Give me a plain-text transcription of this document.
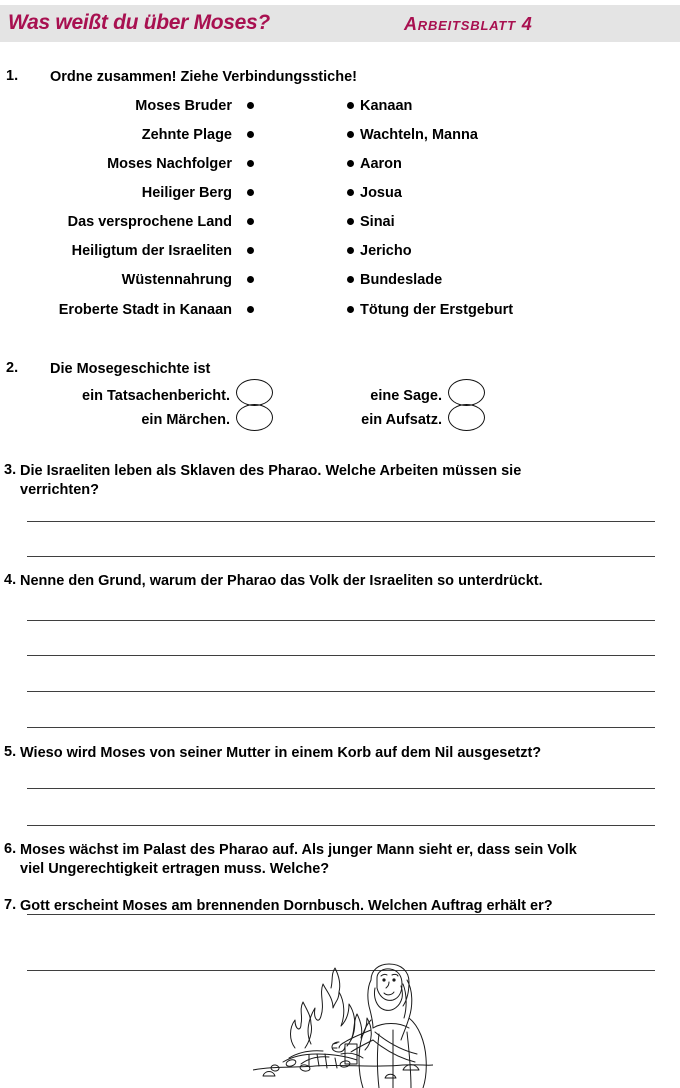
Was weißt du über Moses?	Arbeitsblatt 4
1. Ordne zusammen! Ziehe Verbindungsstiche!
Moses Bruder	Kanaan
Zehnte Plage	Wachteln, Manna
Moses Nachfolger	Aaron
Heiliger Berg	Josua
Das versprochene Land	Sinai
Heiligtum der Israeliten	Jericho
Wüstennahrung	Bundeslade
Eroberte Stadt in Kanaan	Tötung der Erstgeburt
2. Die Mosegeschichte ist
ein Tatsachenbericht.
ein Märchen.
eine Sage.
ein Aufsatz.
3. Die Israeliten leben als Sklaven des Pharao. Welche Arbeiten müssen sie
verrichten?
4. Nenne den Grund, warum der Pharao das Volk der Israeliten so unterdrückt.
5. Wieso wird Moses von seiner Mutter in einem Korb auf dem Nil ausgesetzt?
6. Moses wächst im Palast des Pharao auf. Als junger Mann sieht er, dass sein Volk
viel Ungerechtigkeit ertragen muss. Welche?
7. Gott erscheint Moses am brennenden Dornbusch. Welchen Auftrag erhält er?
